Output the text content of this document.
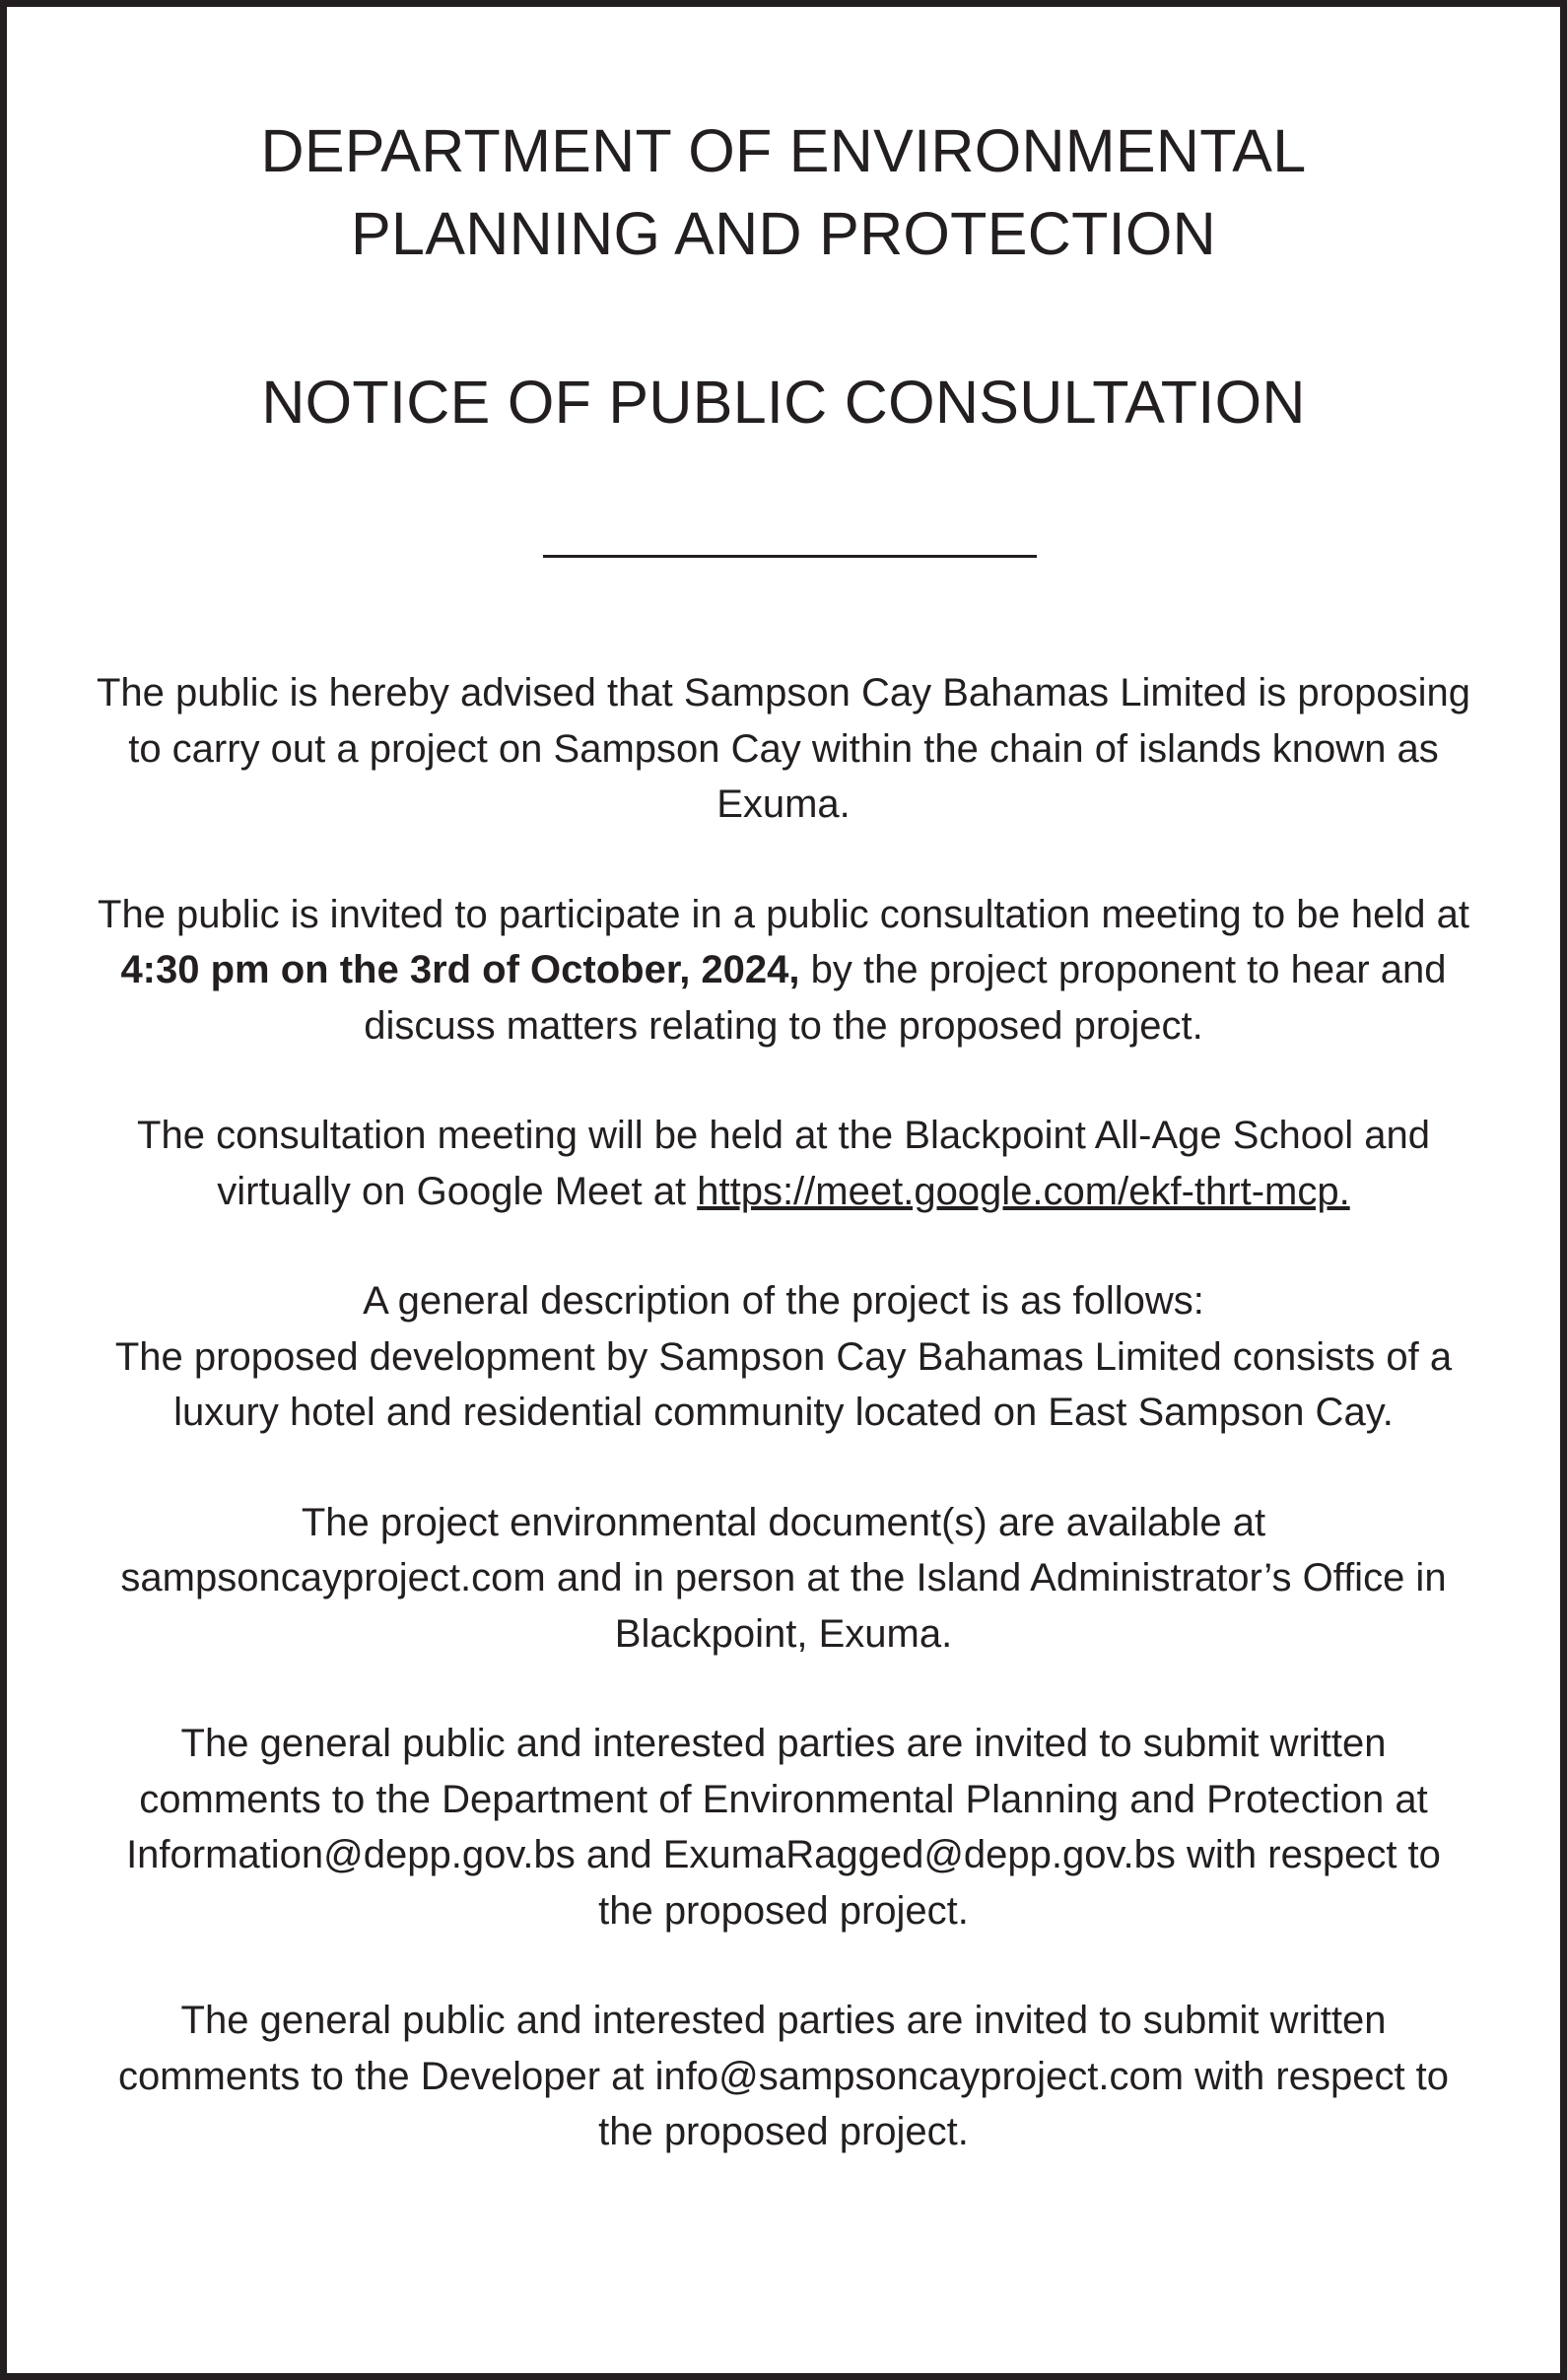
DEPARTMENT OF ENVIRONMENTAL
PLANNING AND PROTECTION
NOTICE OF PUBLIC CONSULTATION

The public is hereby advised that Sampson Cay Bahamas Limited is proposing to carry out a project on Sampson Cay within the chain of islands known as Exuma.

The public is invited to participate in a public consultation meeting to be held at 4:30 pm on the 3rd of October, 2024, by the project proponent to hear and discuss matters relating to the proposed project.

The consultation meeting will be held at the Blackpoint All-Age School and virtually on Google Meet at https://meet.google.com/ekf-thrt-mcp.

A general description of the project is as follows:

The proposed development by Sampson Cay Bahamas Limited consists of a luxury hotel and residential community located on East Sampson Cay.

The project environmental document(s) are available at sampsoncayproject.com and in person at the Island Administrator’s Office in Blackpoint, Exuma.

The general public and interested parties are invited to submit written comments to the Department of Environmental Planning and Protection at Information@depp.gov.bs and ExumaRagged@depp.gov.bs with respect to the proposed project.

The general public and interested parties are invited to submit written comments to the Developer at info@sampsoncayproject.com with respect to the proposed project.
